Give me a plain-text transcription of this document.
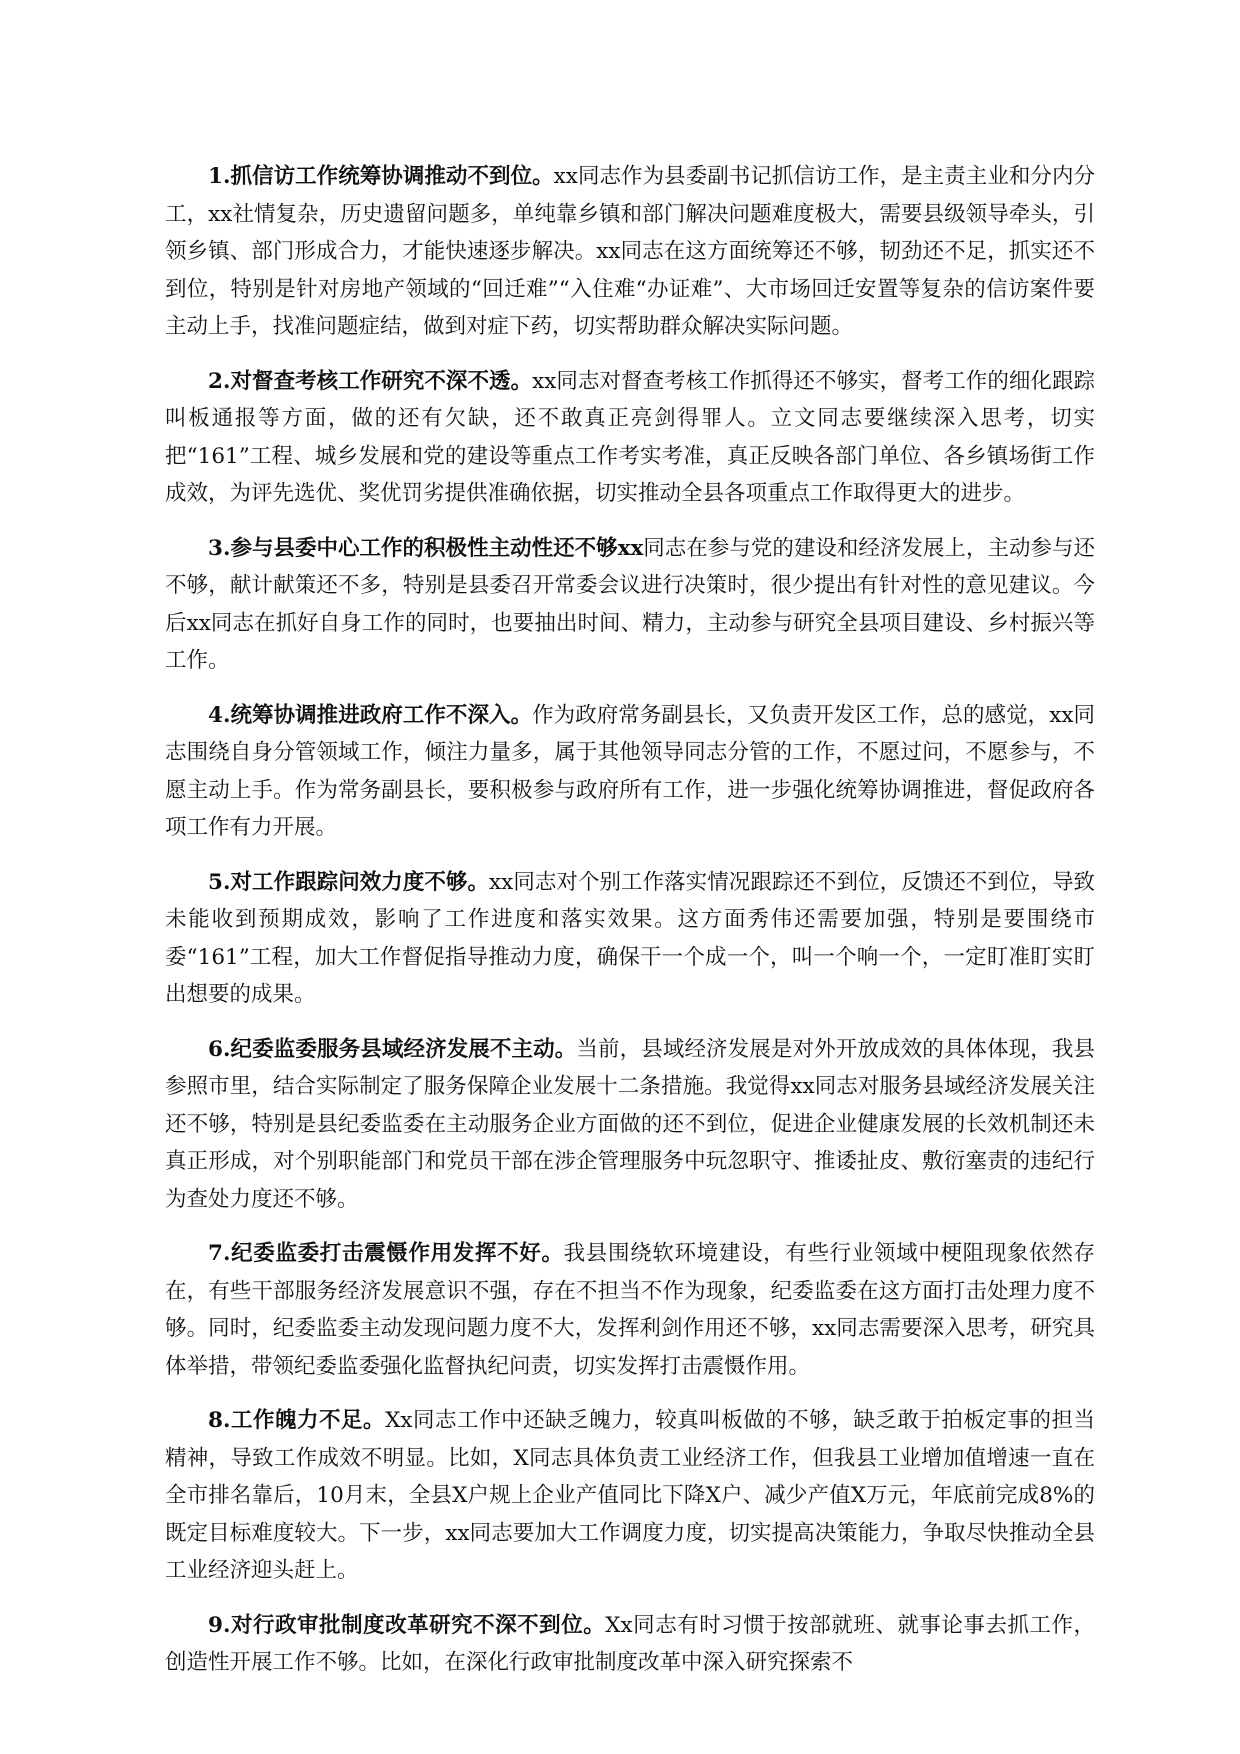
1.抓信访工作统筹协调推动不到位。xx同志作为县委副书记抓信访工作，是主责主业和分内分工，xx社情复杂，历史遗留问题多，单纯靠乡镇和部门解决问题难度极大，需要县级领导牵头，引领乡镇、部门形成合力，才能快速逐步解决。xx同志在这方面统筹还不够，韧劲还不足，抓实还不到位，特别是针对房地产领域的“回迁难”“入住难“办证难”、大市场回迁安置等复杂的信访案件要主动上手，找准问题症结，做到对症下药，切实帮助群众解决实际问题。

2.对督查考核工作研究不深不透。xx同志对督查考核工作抓得还不够实，督考工作的细化跟踪叫板通报等方面，做的还有欠缺，还不敢真正亮剑得罪人。立文同志要继续深入思考，切实把“161”工程、城乡发展和党的建设等重点工作考实考准，真正反映各部门单位、各乡镇场街工作成效，为评先选优、奖优罚劣提供准确依据，切实推动全县各项重点工作取得更大的进步。

3.参与县委中心工作的积极性主动性还不够xx同志在参与党的建设和经济发展上，主动参与还不够，献计献策还不多，特别是县委召开常委会议进行决策时，很少提出有针对性的意见建议。今后xx同志在抓好自身工作的同时，也要抽出时间、精力，主动参与研究全县项目建设、乡村振兴等工作。

4.统筹协调推进政府工作不深入。作为政府常务副县长，又负责开发区工作，总的感觉，xx同志围绕自身分管领域工作，倾注力量多，属于其他领导同志分管的工作，不愿过问，不愿参与，不愿主动上手。作为常务副县长，要积极参与政府所有工作，进一步强化统筹协调推进，督促政府各项工作有力开展。

5.对工作跟踪问效力度不够。xx同志对个别工作落实情况跟踪还不到位，反馈还不到位，导致未能收到预期成效，影响了工作进度和落实效果。这方面秀伟还需要加强，特别是要围绕市委“161”工程，加大工作督促指导推动力度，确保干一个成一个，叫一个响一个，一定盯准盯实盯出想要的成果。

6.纪委监委服务县域经济发展不主动。当前，县域经济发展是对外开放成效的具体体现，我县参照市里，结合实际制定了服务保障企业发展十二条措施。我觉得xx同志对服务县域经济发展关注还不够，特别是县纪委监委在主动服务企业方面做的还不到位，促进企业健康发展的长效机制还未真正形成，对个别职能部门和党员干部在涉企管理服务中玩忽职守、推诿扯皮、敷衍塞责的违纪行为查处力度还不够。

7.纪委监委打击震慑作用发挥不好。我县围绕软环境建设，有些行业领域中梗阻现象依然存在，有些干部服务经济发展意识不强，存在不担当不作为现象，纪委监委在这方面打击处理力度不够。同时，纪委监委主动发现问题力度不大，发挥利剑作用还不够，xx同志需要深入思考，研究具体举措，带领纪委监委强化监督执纪问责，切实发挥打击震慑作用。

8.工作魄力不足。Xx同志工作中还缺乏魄力，较真叫板做的不够，缺乏敢于拍板定事的担当精神，导致工作成效不明显。比如，X同志具体负责工业经济工作，但我县工业增加值增速一直在全市排名靠后，10月末，全县X户规上企业产值同比下降X户、减少产值X万元，年底前完成8%的既定目标难度较大。下一步，xx同志要加大工作调度力度，切实提高决策能力，争取尽快推动全县工业经济迎头赶上。

9.对行政审批制度改革研究不深不到位。Xx同志有时习惯于按部就班、就事论事去抓工作，创造性开展工作不够。比如，在深化行政审批制度改革中深入研究探索不
